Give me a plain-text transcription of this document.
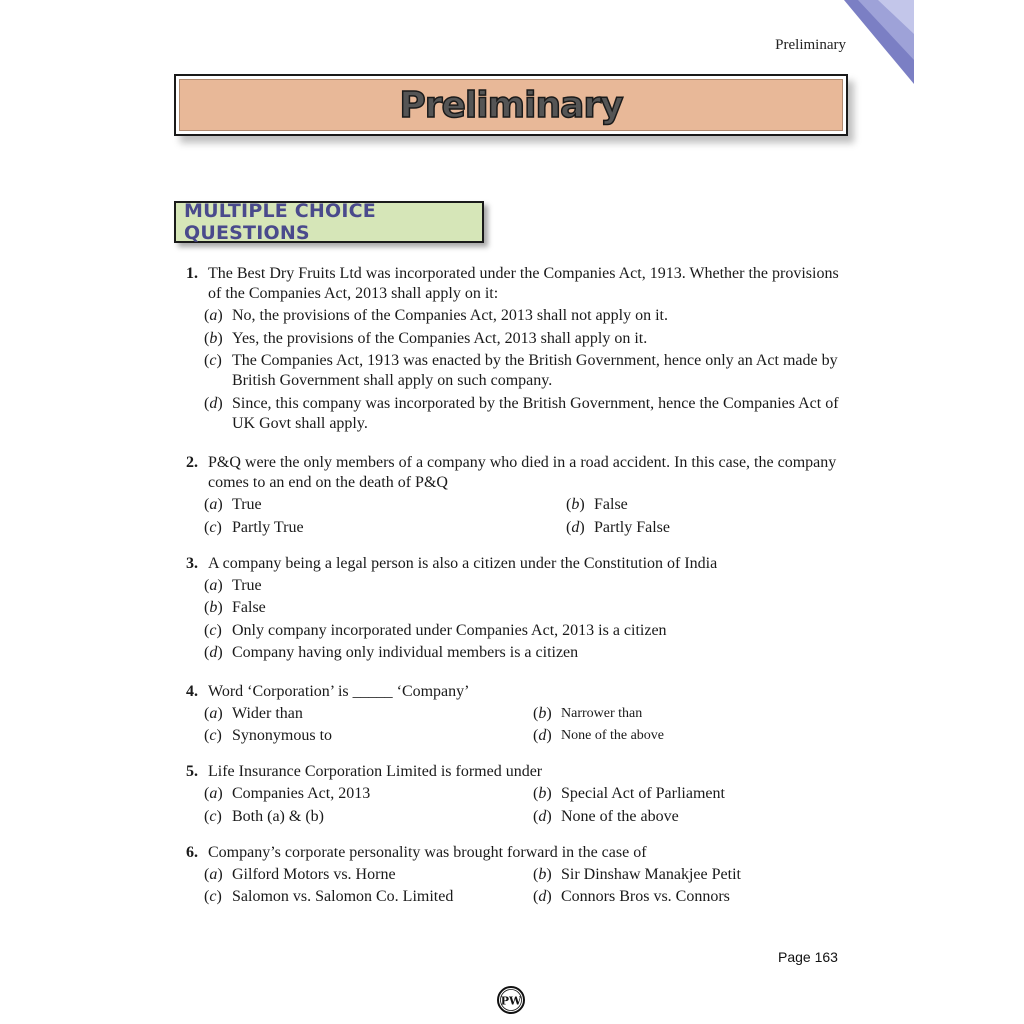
Preliminary
Preliminary
MULTIPLE CHOICE QUESTIONS
1. The Best Dry Fruits Ltd was incorporated under the Companies Act, 1913. Whether the provisions of the Companies Act, 2013 shall apply on it:
(a) No, the provisions of the Companies Act, 2013 shall not apply on it.
(b) Yes, the provisions of the Companies Act, 2013 shall apply on it.
(c) The Companies Act, 1913 was enacted by the British Government, hence only an Act made by British Government shall apply on such company.
(d) Since, this company was incorporated by the British Government, hence the Companies Act of UK Govt shall apply.
2. P&Q were the only members of a company who died in a road accident. In this case, the company comes to an end on the death of P&Q
(a) True	(b) False
(c) Partly True	(d) Partly False
3. A company being a legal person is also a citizen under the Constitution of India
(a) True
(b) False
(c) Only company incorporated under Companies Act, 2013 is a citizen
(d) Company having only individual members is a citizen
4. Word ‘Corporation’ is _____ ‘Company’
(a) Wider than	(b) Narrower than
(c) Synonymous to	(d) None of the above
5. Life Insurance Corporation Limited is formed under
(a) Companies Act, 2013	(b) Special Act of Parliament
(c) Both (a) & (b)	(d) None of the above
6. Company’s corporate personality was brought forward in the case of
(a) Gilford Motors vs. Horne	(b) Sir Dinshaw Manakjee Petit
(c) Salomon vs. Salomon Co. Limited	(d) Connors Bros vs. Connors
Page 163
PW
